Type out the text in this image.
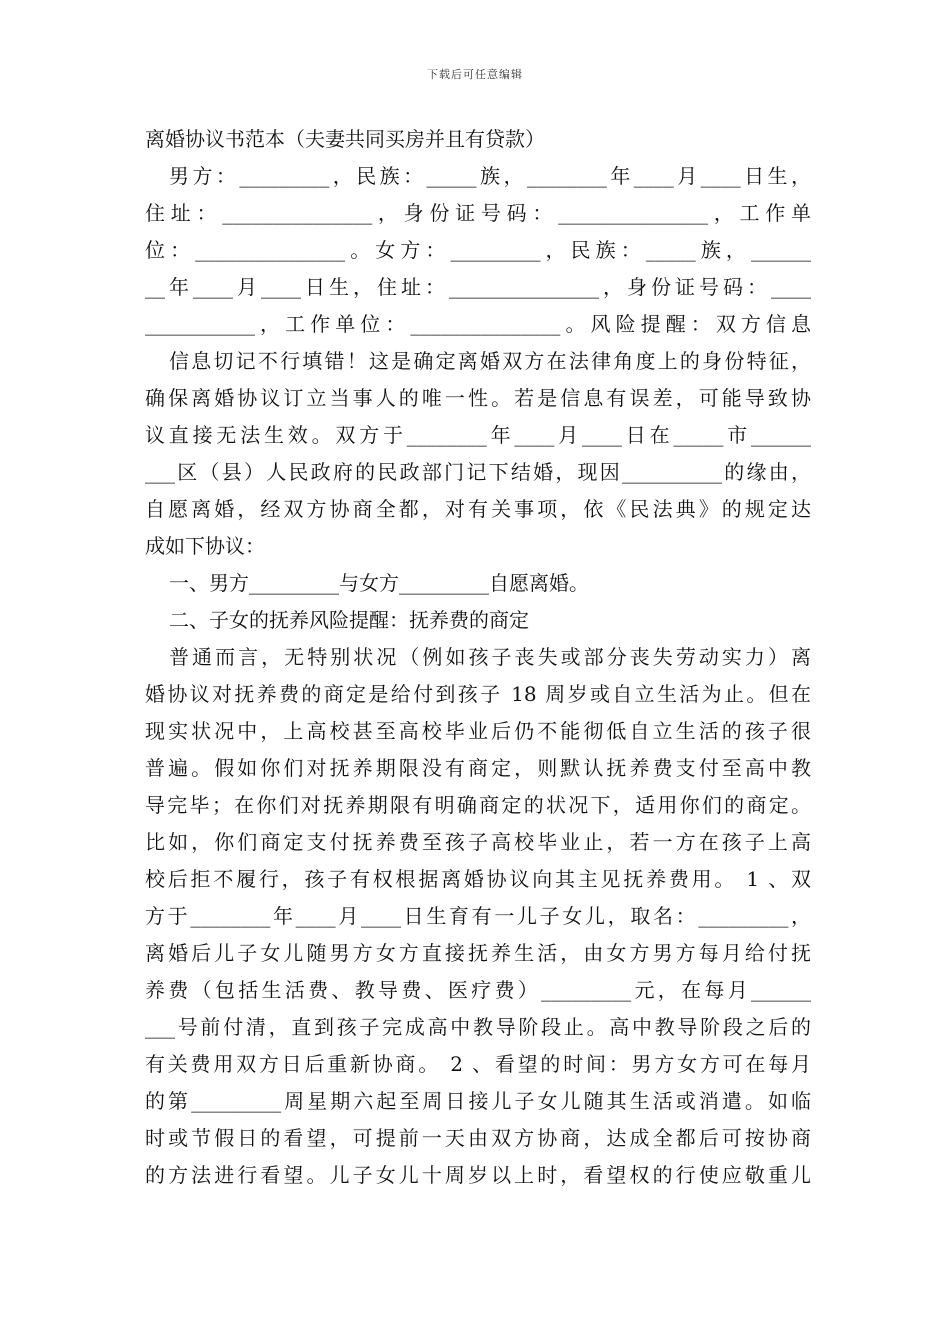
下载后可任意编辑
离婚协议书范本（夫妻共同买房并且有贷款）
男方：_________，民族：_____族，________年____月____日生，
住址：_______________，身份证号码：_______________，工作单
位：_______________。女方：_________，民族：_____族，______
__年____月____日生，住址：_______________，身份证号码：____
___________，工作单位：_______________。风险提醒：双方信息
信息切记不行填错！这是确定离婚双方在法律角度上的身份特征，
确保离婚协议订立当事人的唯一性。若是信息有误差，可能导致协
议直接无法生效。双方于________年____月____日在_____市______
___区（县）人民政府的民政部门记下结婚，现因__________的缘由，
自愿离婚，经双方协商全都，对有关事项，依《民法典》的规定达
成如下协议：
一、男方_________与女方_________自愿离婚。
二、子女的抚养风险提醒：抚养费的商定
普通而言，无特别状况（例如孩子丧失或部分丧失劳动实力）离
婚协议对抚养费的商定是给付到孩子 18 周岁或自立生活为止。但在
现实状况中，上高校甚至高校毕业后仍不能彻低自立生活的孩子很
普遍。假如你们对抚养期限没有商定，则默认抚养费支付至高中教
导完毕；在你们对抚养期限有明确商定的状况下，适用你们的商定。
比如，你们商定支付抚养费至孩子高校毕业止，若一方在孩子上高
校后拒不履行，孩子有权根据离婚协议向其主见抚养费用。 1 、双
方于________年____月____日生育有一儿子女儿，取名：_________，
离婚后儿子女儿随男方女方直接抚养生活，由女方男方每月给付抚
养费（包括生活费、教导费、医疗费）_________元，在每月______
___号前付清，直到孩子完成高中教导阶段止。高中教导阶段之后的
有关费用双方日后重新协商。 2 、看望的时间：男方女方可在每月
的第_________周星期六起至周日接儿子女儿随其生活或消遣。如临
时或节假日的看望，可提前一天由双方协商，达成全都后可按协商
的方法进行看望。儿子女儿十周岁以上时，看望权的行使应敬重儿
